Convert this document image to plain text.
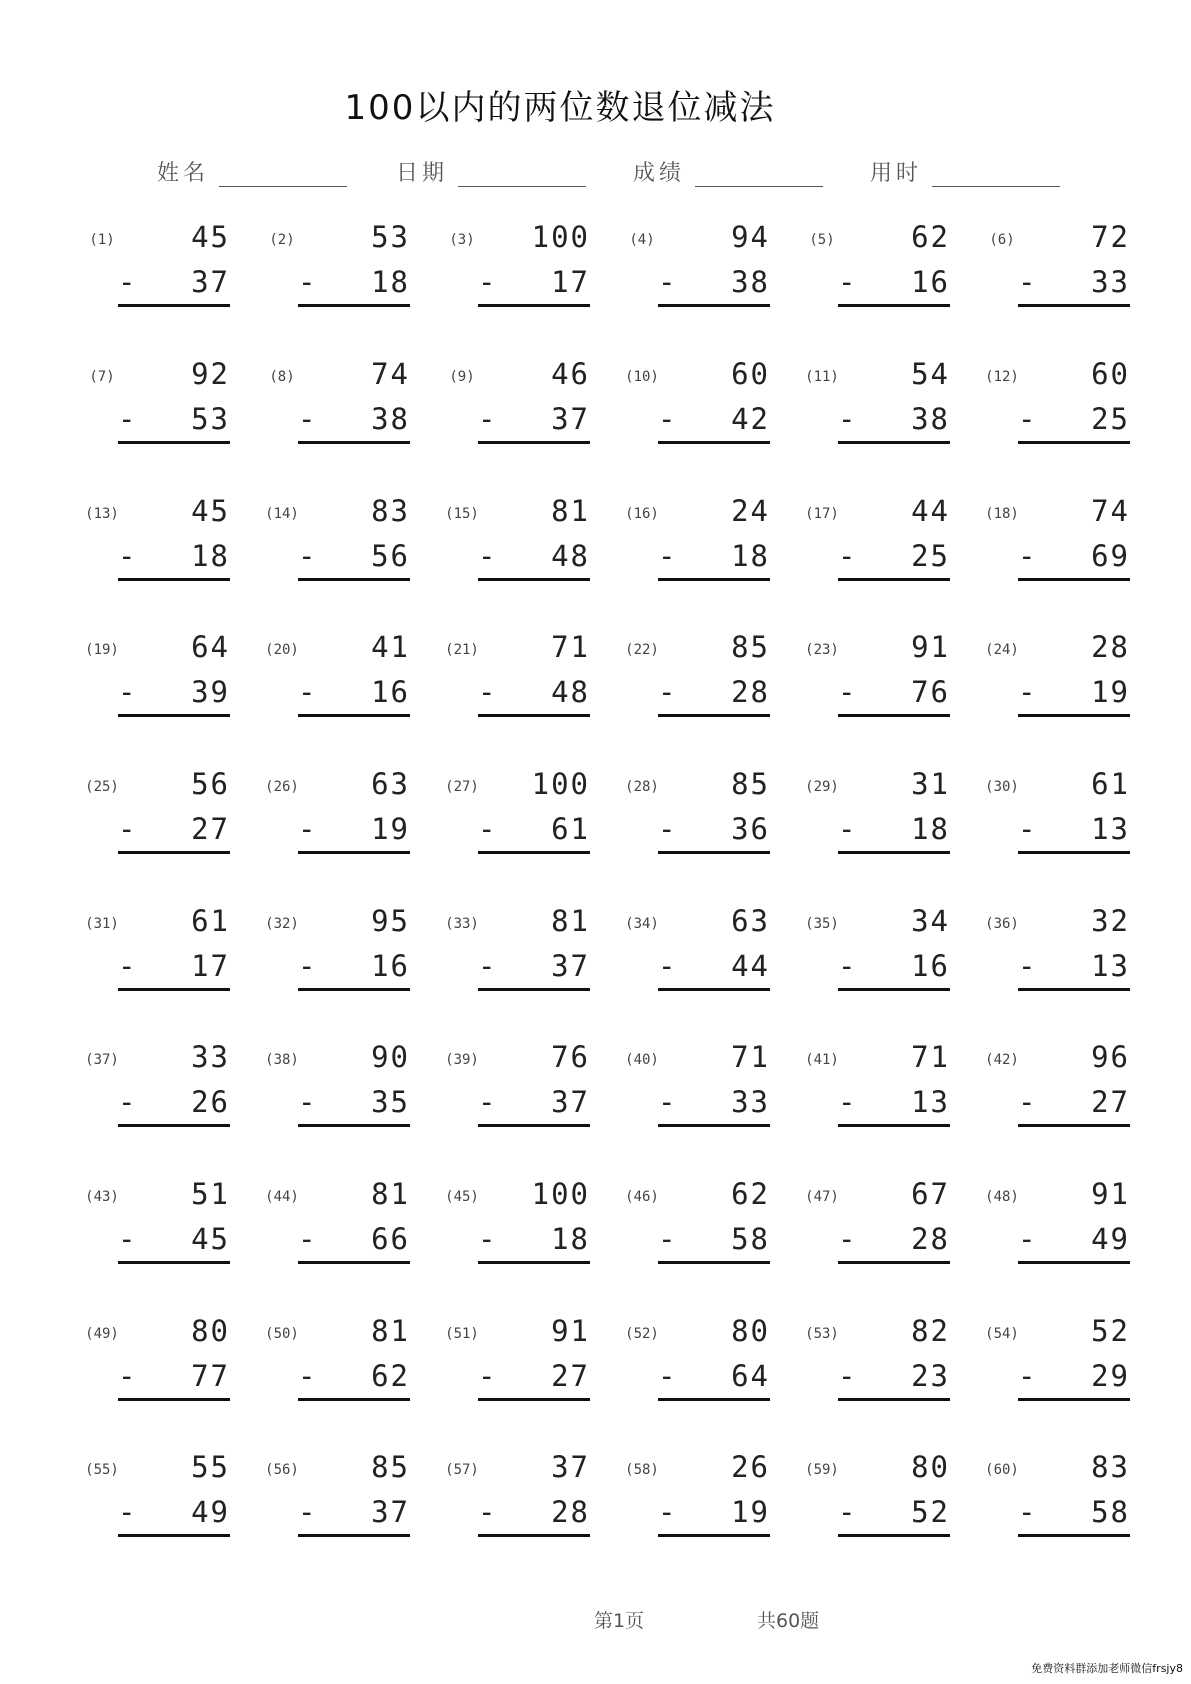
100以内的两位数退位减法
姓名	日期	成绩	用时
(1)	45
- 37
(2)	53
- 18
(3)	100
- 17
(4)	94
- 38
(5)	62
- 16
(6)	72
- 33
(7)	92
- 53
(8)	74
- 38
(9)	46
- 37
(10) 60
- 42
(11) 54
- 38
(12) 60
- 25
(13) 45
- 18
(14) 83
- 56
(15) 81
- 48
(16) 24
- 18
(17) 44
- 25
(18) 74
- 69
(19) 64
- 39
(20) 41
- 16
(21) 71
- 48
(22) 85
- 28
(23) 91
- 76
(24) 28
- 19
(25) 56
- 27
(26) 63
- 19
(27) 100
- 61
(28) 85
- 36
(29) 31
- 18
(30) 61
- 13
(31) 61
- 17
(32) 95
- 16
(33) 81
- 37
(34) 63
- 44
(35) 34
- 16
(36) 32
- 13
(37) 33
- 26
(38) 90
- 35
(39) 76
- 37
(40) 71
- 33
(41) 71
- 13
(42) 96
- 27
(43) 51
- 45
(44) 81
- 66
(45) 100
- 18
(46) 62
- 58
(47) 67
- 28
(48) 91
- 49
(49) 80
- 77
(50) 81
- 62
(51) 91
- 27
(52) 80
- 64
(53) 82
- 23
(54) 52
- 29
(55) 55
- 49
(56) 85
- 37
(57) 37
- 28
(58) 26
- 19
(59) 80
- 52
(60) 83
- 58
第1页	共60题
免费资料群添加老师微信frsjy8
